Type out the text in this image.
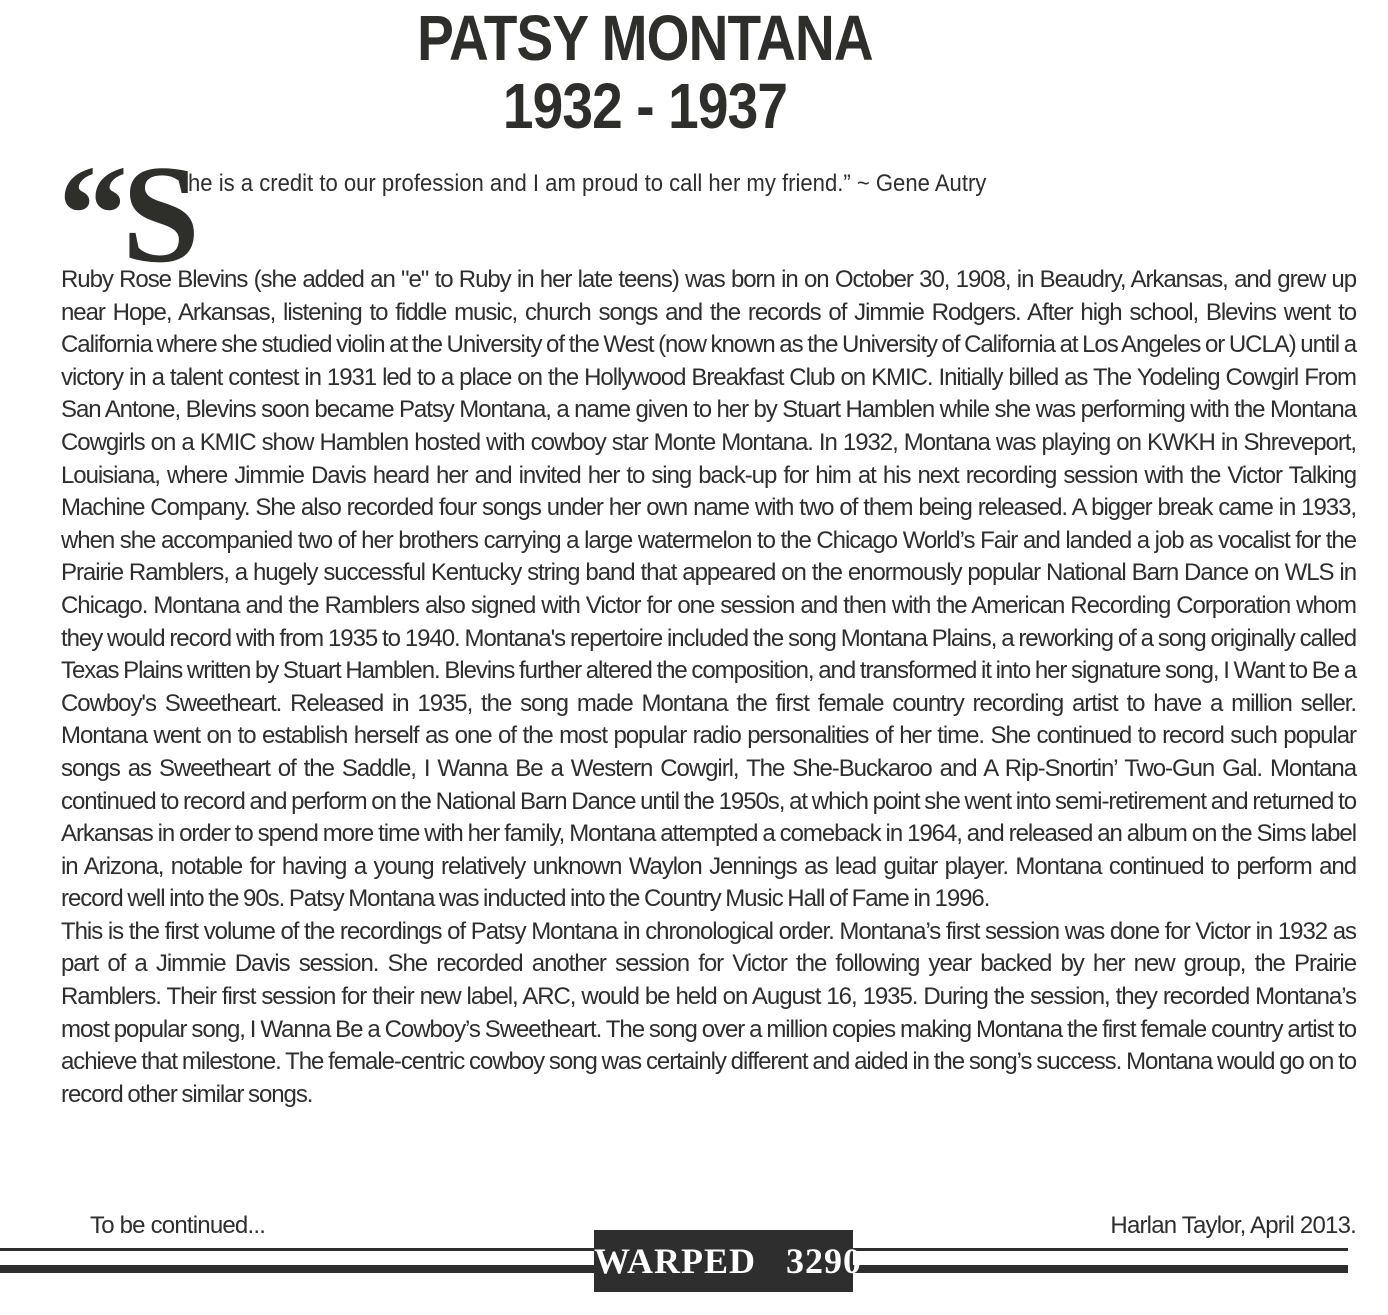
PATSY MONTANA
1932 - 1937
“S
he is a credit to our profession and I am proud to call her my friend.” ~ Gene Autry

Ruby Rose Blevins (she added an "e" to Ruby in her late teens) was born in on October 30, 1908, in Beaudry, Arkansas, and grew up near Hope, Arkansas, listening to fiddle music, church songs and the records of Jimmie Rodgers. After high school, Blevins went to California where she studied violin at the University of the West (now known as the University of California at Los Angeles or UCLA) until a victory in a talent contest in 1931 led to a place on the Hollywood Breakfast Club on KMIC. Initially billed as The Yodeling Cowgirl From San Antone, Blevins soon became Patsy Montana, a name given to her by Stuart Hamblen while she was performing with the Montana Cowgirls on a KMIC show Hamblen hosted with cowboy star Monte Montana. In 1932, Montana was playing on KWKH in Shreveport, Louisiana, where Jimmie Davis heard her and invited her to sing back-up for him at his next recording session with the Victor Talking Machine Company. She also recorded four songs under her own name with two of them being released. A bigger break came in 1933, when she accompanied two of her brothers carrying a large watermelon to the Chicago World’s Fair and landed a job as vocalist for the Prairie Ramblers, a hugely successful Kentucky string band that appeared on the enormously popular National Barn Dance on WLS in Chicago. Montana and the Ramblers also signed with Victor for one session and then with the American Recording Corporation whom they would record with from 1935 to 1940. Montana's repertoire included the song Montana Plains, a reworking of a song originally called Texas Plains written by Stuart Hamblen. Blevins further altered the composition, and transformed it into her signature song, I Want to Be a Cowboy's Sweetheart. Released in 1935, the song made Montana the first female country recording artist to have a million seller. Montana went on to establish herself as one of the most popular radio personalities of her time. She continued to record such popular songs as Sweetheart of the Saddle, I Wanna Be a Western Cowgirl, The She-Buckaroo and A Rip-Snortin’ Two-Gun Gal. Montana continued to record and perform on the National Barn Dance until the 1950s, at which point she went into semi-retirement and returned to Arkansas in order to spend more time with her family, Montana attempted a comeback in 1964, and released an album on the Sims label in Arizona, notable for having a young relatively unknown Waylon Jennings as lead guitar player. Montana continued to perform and record well into the 90s. Patsy Montana was inducted into the Country Music Hall of Fame in 1996.

This is the first volume of the recordings of Patsy Montana in chronological order. Montana’s first session was done for Victor in 1932 as part of a Jimmie Davis session. She recorded another session for Victor the following year backed by her new group, the Prairie Ramblers. Their first session for their new label, ARC, would be held on August 16, 1935. During the session, they recorded Montana’s most popular song, I Wanna Be a Cowboy’s Sweetheart. The song over a million copies making Montana the first female country artist to achieve that milestone. The female-centric cowboy song was certainly different and aided in the song’s success. Montana would go on to record other similar songs.

To be continued...	Harlan Taylor, April 2013.
WARPED 3290
